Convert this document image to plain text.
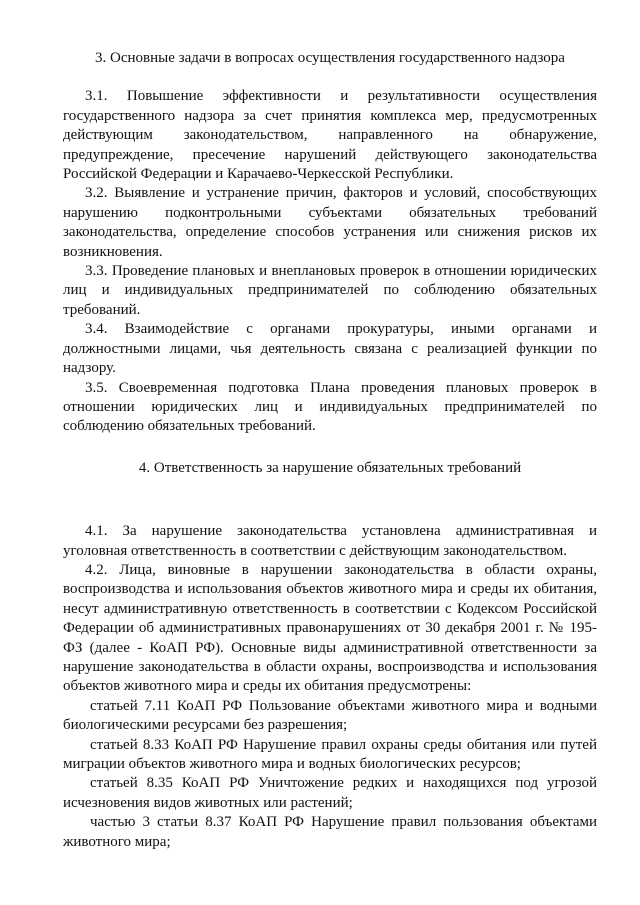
3. Основные задачи в вопросах осуществления государственного надзора

3.1. Повышение эффективности и результативности осуществления государственного надзора за счет принятия комплекса мер, предусмотренных действующим законодательством, направленного на обнаружение, предупреждение, пресечение нарушений действующего законодательства Российской Федерации и Карачаево-Черкесской Республики.

3.2. Выявление и устранение причин, факторов и условий, способствующих нарушению подконтрольными субъектами обязательных требований законодательства, определение способов устранения или снижения рисков их возникновения.

3.3. Проведение плановых и внеплановых проверок в отношении юридических лиц и индивидуальных предпринимателей по соблюдению обязательных требований.

3.4. Взаимодействие с органами прокуратуры, иными органами и должностными лицами, чья деятельность связана с реализацией функции по надзору.

3.5. Своевременная подготовка Плана проведения плановых проверок в отношении юридических лиц и индивидуальных предпринимателей по соблюдению обязательных требований.

4. Ответственность за нарушение обязательных требований

4.1. За нарушение законодательства установлена административная и уголовная ответственность в соответствии с действующим законодательством.

4.2. Лица, виновные в нарушении законодательства в области охраны, воспроизводства и использования объектов животного мира и среды их обитания, несут административную ответственность в соответствии с Кодексом Российской Федерации об административных правонарушениях от 30 декабря 2001 г. № 195-ФЗ (далее - КоАП РФ). Основные виды административной ответственности за нарушение законодательства в области охраны, воспроизводства и использования объектов животного мира и среды их обитания предусмотрены:

статьей 7.11 КоАП РФ Пользование объектами животного мира и водными биологическими ресурсами без разрешения;

статьей 8.33 КоАП РФ Нарушение правил охраны среды обитания или путей миграции объектов животного мира и водных биологических ресурсов;

статьей 8.35 КоАП РФ Уничтожение редких и находящихся под угрозой исчезновения видов животных или растений;

частью 3 статьи 8.37 КоАП РФ Нарушение правил пользования объектами животного мира;
